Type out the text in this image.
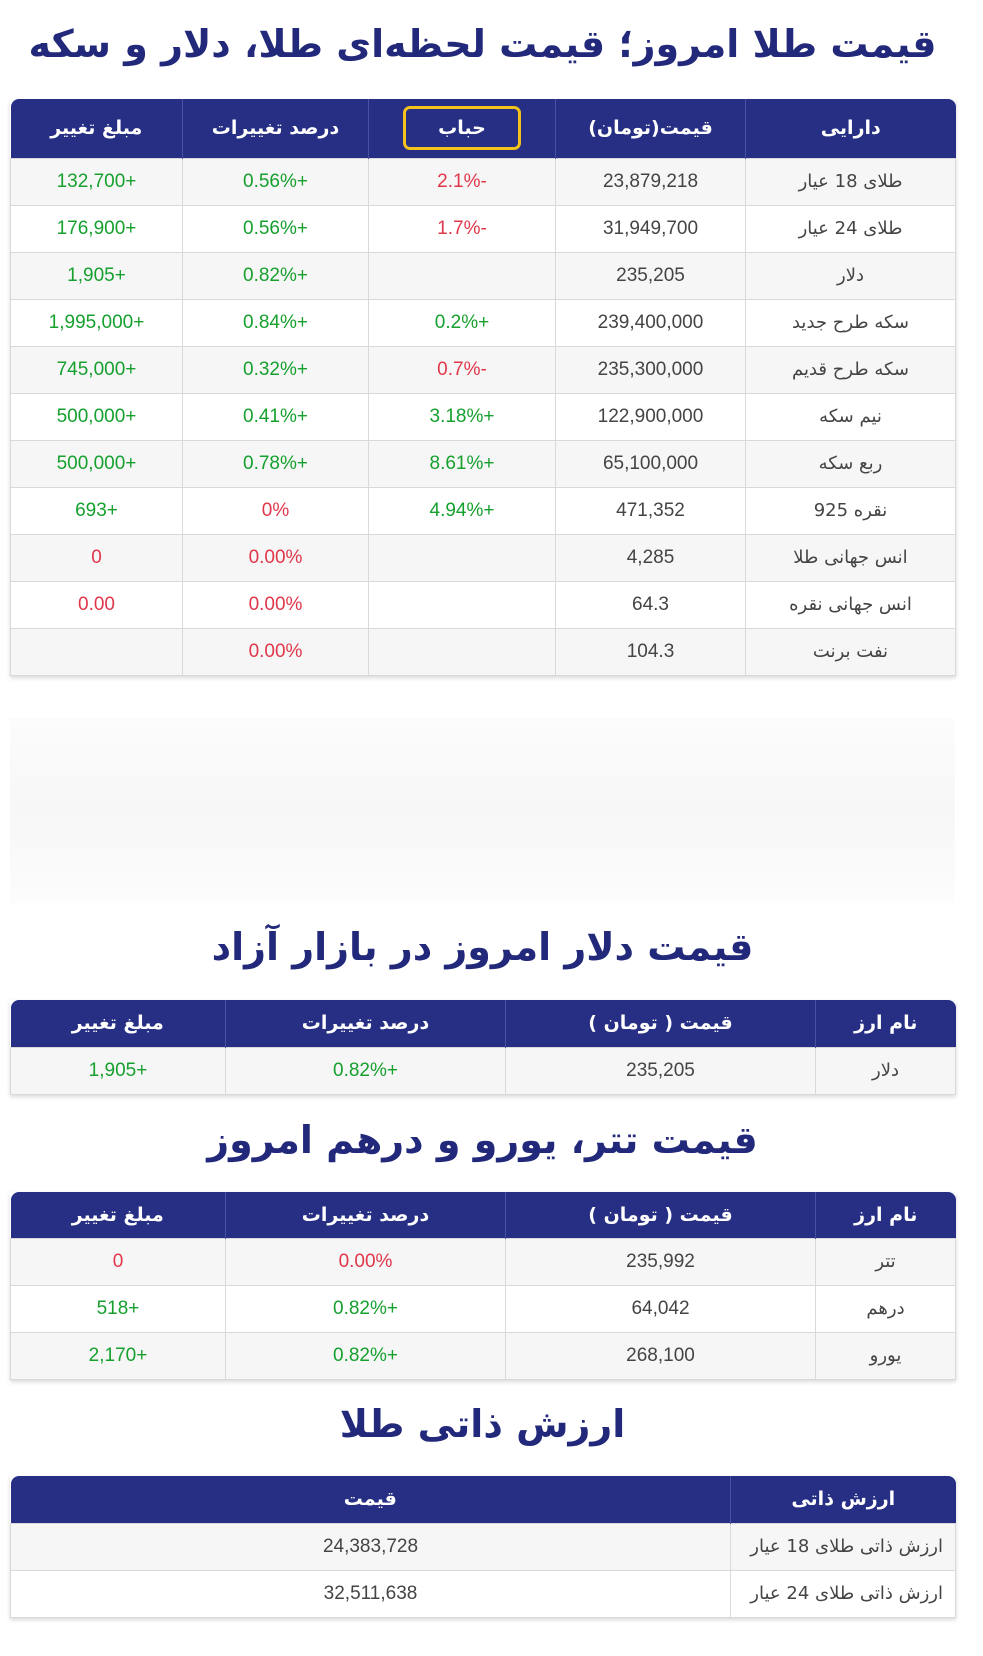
قیمت طلا امروز؛ قیمت لحظه‌ای طلا، دلار و سکه
دارایی	قیمت(تومان)	حباب	درصد تغییرات	مبلغ تغییر
طلای 18 عیار	23,879,218	-2.1%	+0.56%	+132,700
طلای 24 عیار	31,949,700	-1.7%	+0.56%	+176,900
دلار	235,205		+0.82%	+1,905
سکه طرح جدید	239,400,000	+0.2%	+0.84%	+1,995,000
سکه طرح قدیم	235,300,000	-0.7%	+0.32%	+745,000
نیم سکه	122,900,000	+3.18%	+0.41%	+500,000
ربع سکه	65,100,000	+8.61%	+0.78%	+500,000
نقره 925	471,352	+4.94%	0%	+693
انس جهانی طلا	4,285		0.00%	0
انس جهانی نقره	64.3		0.00%	0.00
نفت برنت	104.3		0.00%	
قیمت دلار امروز در بازار آزاد
نام ارز	قیمت ( تومان )	درصد تغییرات	مبلغ تغییر
دلار	235,205	+0.82%	+1,905
قیمت تتر، یورو و درهم امروز
نام ارز	قیمت ( تومان )	درصد تغییرات	مبلغ تغییر
تتر	235,992	0.00%	0
درهم	64,042	+0.82%	+518
یورو	268,100	+0.82%	+2,170
ارزش ذاتی طلا
ارزش ذاتی	قیمت
ارزش ذاتی طلای 18 عیار	24,383,728
ارزش ذاتی طلای 24 عیار	32,511,638
